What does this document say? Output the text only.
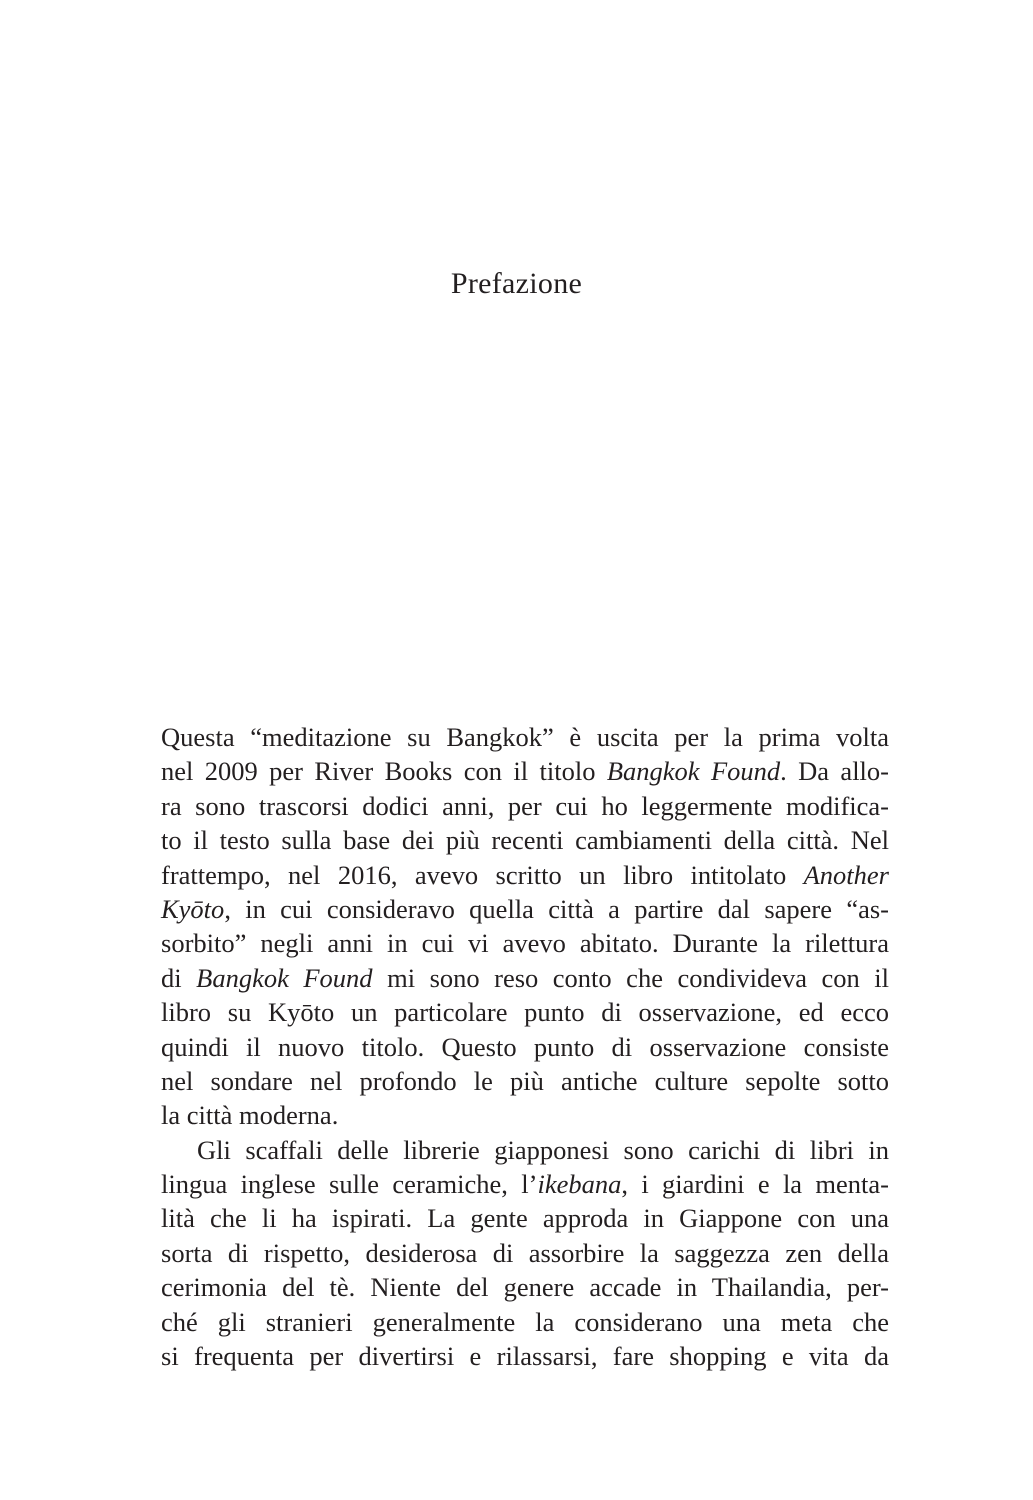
Prefazione
Questa “meditazione su Bangkok” è uscita per la prima volta
nel 2009 per River Books con il titolo Bangkok Found. Da allo-
ra sono trascorsi dodici anni, per cui ho leggermente modifica-
to il testo sulla base dei più recenti cambiamenti della città. Nel
frattempo, nel 2016, avevo scritto un libro intitolato Another
Kyōto, in cui consideravo quella città a partire dal sapere “as-
sorbito” negli anni in cui vi avevo abitato. Durante la rilettura
di Bangkok Found mi sono reso conto che condivideva con il
libro su Kyōto un particolare punto di osservazione, ed ecco
quindi il nuovo titolo. Questo punto di osservazione consiste
nel sondare nel profondo le più antiche culture sepolte sotto
la città moderna.
Gli scaffali delle librerie giapponesi sono carichi di libri in
lingua inglese sulle ceramiche, l’ikebana, i giardini e la menta-
lità che li ha ispirati. La gente approda in Giappone con una
sorta di rispetto, desiderosa di assorbire la saggezza zen della
cerimonia del tè. Niente del genere accade in Thailandia, per-
ché gli stranieri generalmente la considerano una meta che
si frequenta per divertirsi e rilassarsi, fare shopping e vita da
